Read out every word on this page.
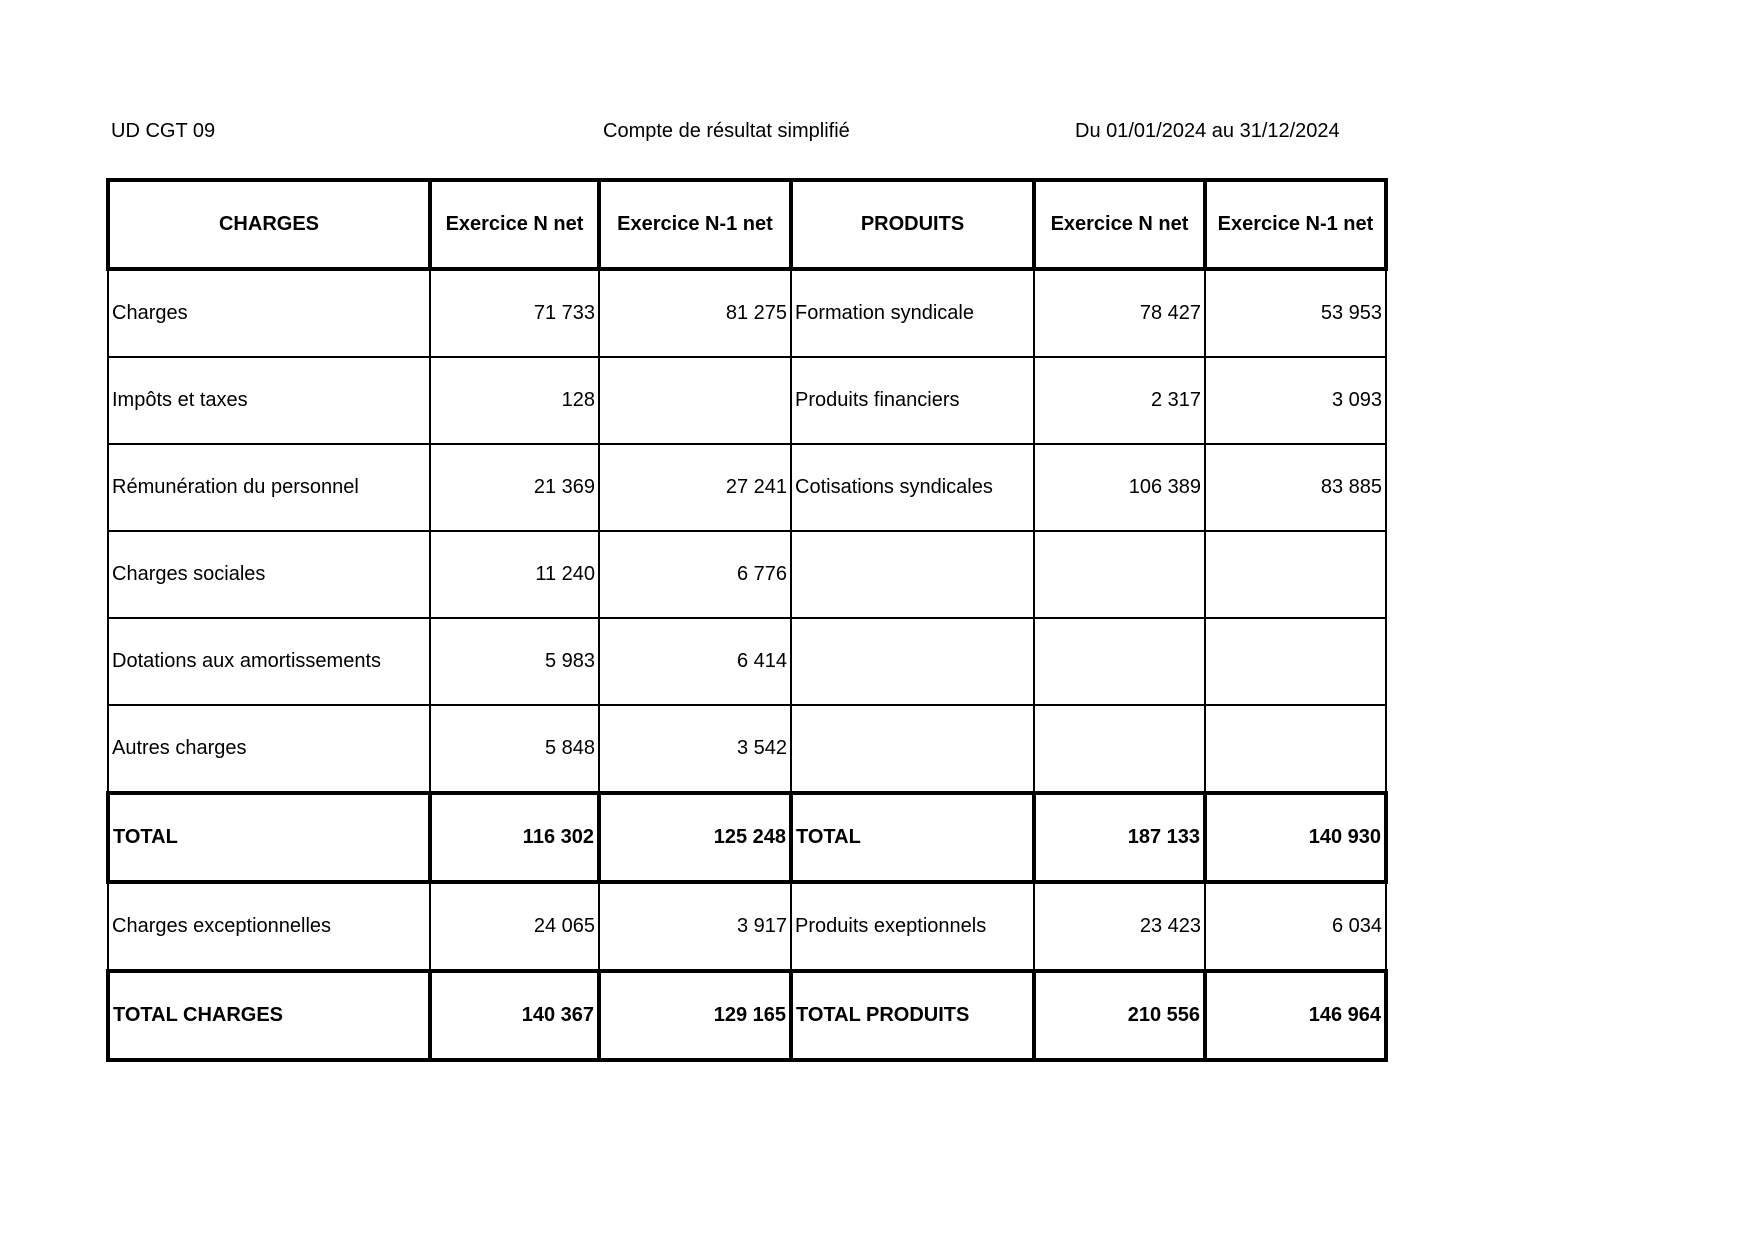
UD CGT 09	Compte de résultat simplifié	Du 01/01/2024 au 31/12/2024
CHARGES	Exercice N net	Exercice N-1 net	PRODUITS	Exercice N net	Exercice N-1 net
Charges	71 733	81 275	Formation syndicale	78 427	53 953
Impôts et taxes	128		Produits financiers	2 317	3 093
Rémunération du personnel	21 369	27 241	Cotisations syndicales	106 389	83 885
Charges sociales	11 240	6 776			
Dotations aux amortissements	5 983	6 414			
Autres charges	5 848	3 542			
TOTAL	116 302	125 248	TOTAL	187 133	140 930
Charges exceptionnelles	24 065	3 917	Produits exeptionnels	23 423	6 034
TOTAL CHARGES	140 367	129 165	TOTAL PRODUITS	210 556	146 964
